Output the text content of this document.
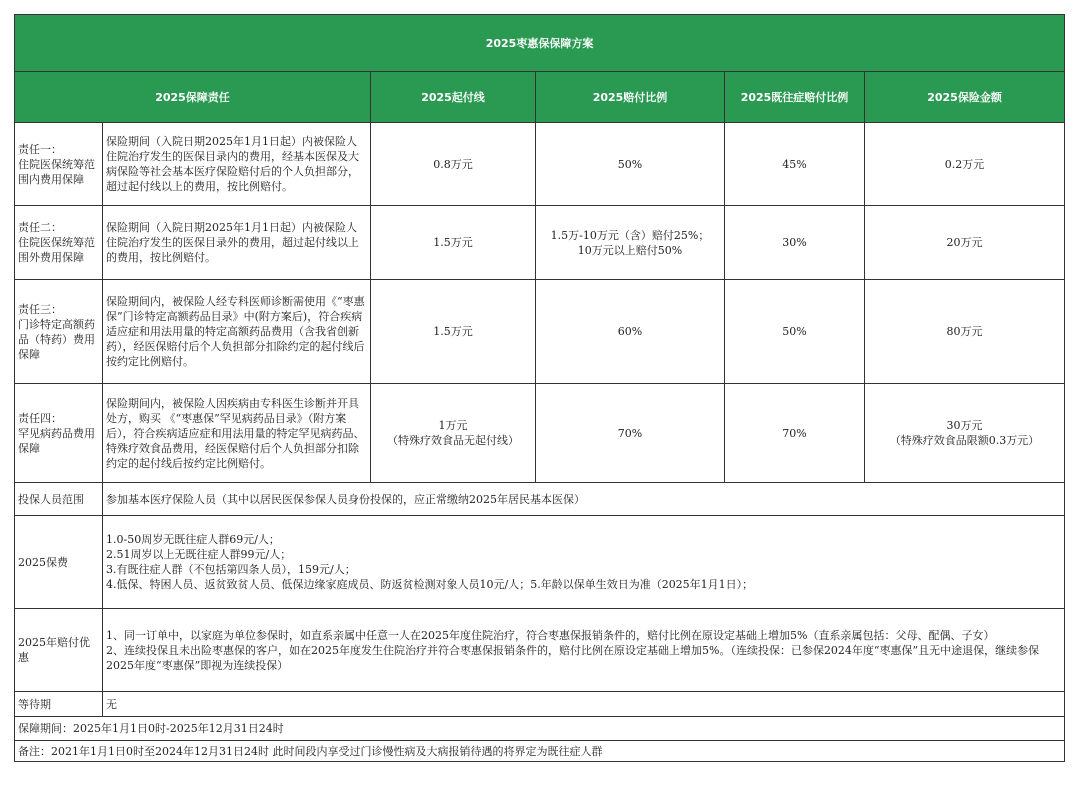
2025枣惠保保障方案					
2025保障责任		2025起付线	2025赔付比例	2025既往症赔付比例	2025保险金额
责任一：
住院医保统筹范围内费用保障	保险期间（入院日期2025年1月1日起）内被保险人住院治疗发生的医保目录内的费用，经基本医保及大病保险等社会基本医疗保险赔付后的个人负担部分，超过起付线以上的费用，按比例赔付。	0.8万元	50%	45%	0.2万元
责任二：
住院医保统筹范围外费用保障	保险期间（入院日期2025年1月1日起）内被保险人住院治疗发生的医保目录外的费用，超过起付线以上的费用，按比例赔付。	1.5万元	1.5万-10万元（含）赔付25%；
10万元以上赔付50%	30%	20万元
责任三：
门诊特定高额药品（特药）费用保障	保险期间内，被保险人经专科医师诊断需使用《“枣惠保”门诊特定高额药品目录》中(附方案后)，符合疾病适应症和用法用量的特定高额药品费用（含我省创新药），经医保赔付后个人负担部分扣除约定的起付线后按约定比例赔付。	1.5万元	60%	50%	80万元
责任四：
罕见病药品费用保障	保险期间内，被保险人因疾病由专科医生诊断并开具处方，购买 《“枣惠保”罕见病药品目录》（附方案后），符合疾病适应症和用法用量的特定罕见病药品、特殊疗效食品费用，经医保赔付后个人负担部分扣除约定的起付线后按约定比例赔付。	1万元
（特殊疗效食品无起付线）	70%	70%	30万元
（特殊疗效食品限额0.3万元）
投保人员范围	参加基本医疗保险人员（其中以居民医保参保人员身份投保的，应正常缴纳2025年居民基本医保）				
2025保费	1.0-50周岁无既往症人群69元/人；
2.51周岁以上无既往症人群99元/人；
3.有既往症人群（不包括第四条人员），159元/人；
4.低保、特困人员、返贫致贫人员、低保边缘家庭成员、防返贫检测对象人员10元/人；5.年龄以保单生效日为准（2025年1月1日）；				

2025年赔付优惠	1、同一订单中，以家庭为单位参保时，如直系亲属中任意一人在2025年度住院治疗，符合枣惠保报销条件的，赔付比例在原设定基础上增加5%（直系亲属包括：父母、配偶、子女）
2、连续投保且未出险枣惠保的客户，如在2025年度发生住院治疗并符合枣惠保报销条件的，赔付比例在原设定基础上增加5%。（连续投保：已参保2024年度“枣惠保”且无中途退保，继续参保2025年度“枣惠保”即视为连续投保）				

等待期	无				
保障期间：2025年1月1日0时-2025年12月31日24时					
备注：2021年1月1日0时至2024年12月31日24时 此时间段内享受过门诊慢性病及大病报销待遇的将界定为既往症人群					
